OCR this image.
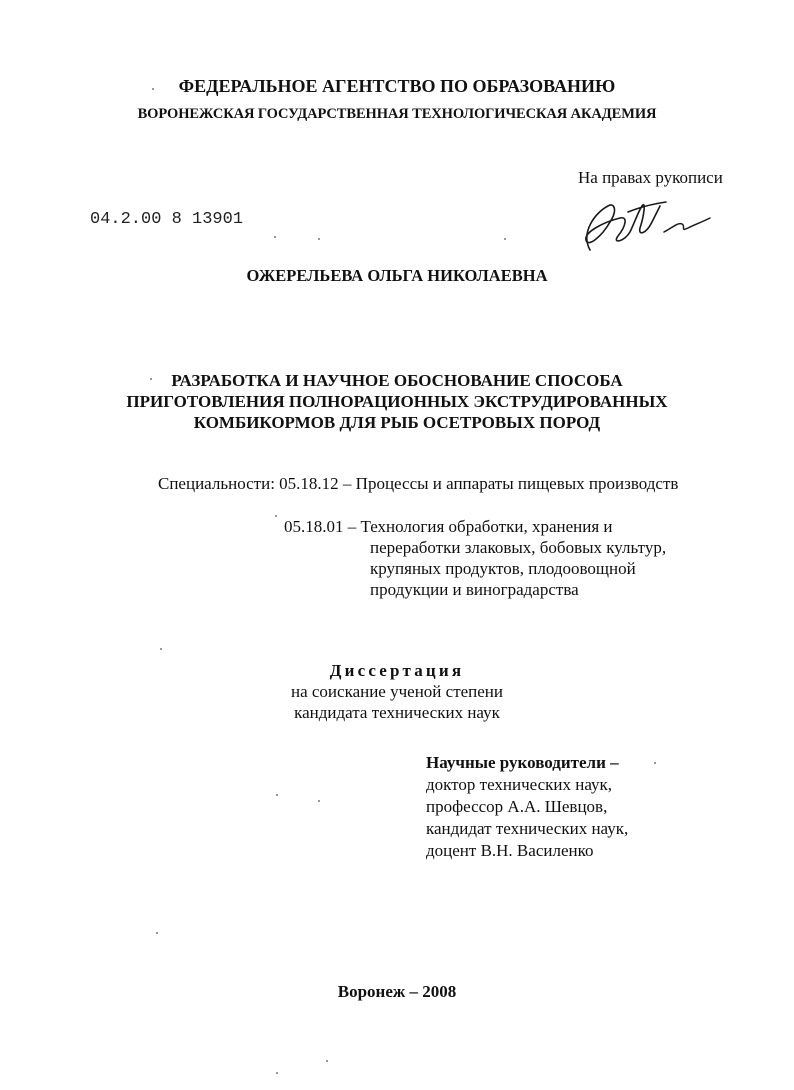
ФЕДЕРАЛЬНОЕ АГЕНТСТВО ПО ОБРАЗОВАНИЮ
ВОРОНЕЖСКАЯ ГОСУДАРСТВЕННАЯ ТЕХНОЛОГИЧЕСКАЯ АКАДЕМИЯ
На правах рукописи
04.2.00 8 13901
ОЖЕРЕЛЬЕВА ОЛЬГА НИКОЛАЕВНА
РАЗРАБОТКА И НАУЧНОЕ ОБОСНОВАНИЕ СПОСОБА
ПРИГОТОВЛЕНИЯ ПОЛНОРАЦИОННЫХ ЭКСТРУДИРОВАННЫХ
КОМБИКОРМОВ ДЛЯ РЫБ ОСЕТРОВЫХ ПОРОД
Специальности: 05.18.12 – Процессы и аппараты пищевых производств
05.18.01 – Технология обработки, хранения и
переработки злаковых, бобовых культур,
крупяных продуктов, плодоовощной
продукции и виноградарства
Диссертация
на соискание ученой степени
кандидата технических наук
Научные руководители –
доктор технических наук,
профессор А.А. Шевцов,
кандидат технических наук,
доцент В.Н. Василенко
Воронеж – 2008
